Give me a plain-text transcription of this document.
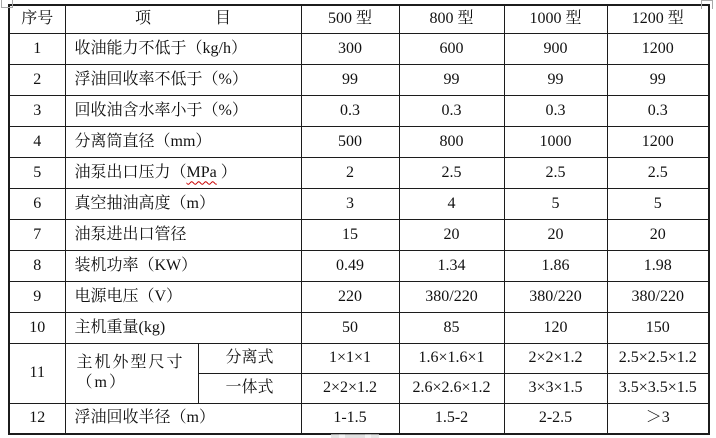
序号	项　　　　目		500 型	800 型	1000 型	1200 型
1	收油能力不低于（kg/h）		300	600	900	1200
2	浮油回收率不低于（%）		99	99	99	99
3	回收油含水率小于（%）		0.3	0.3	0.3	0.3
4	分离筒直径（mm）		500	800	1000	1200
5	油泵出口压力（MPa ）		2	2.5	2.5	2.5
6	真空抽油高度（m）		3	4	5	5
7	油泵进出口管径		15	20	20	20
8	装机功率（KW）		0.49	1.34	1.86	1.98
9	电源电压（V）		220	380/220	380/220	380/220
10	主机重量(kg)		50	85	120	150
11	主机外型尺寸（m）	分离式	1×1×1	1.6×1.6×1	2×2×1.2	2.5×2.5×1.2
		一体式	2×2×1.2	2.6×2.6×1.2	3×3×1.5	3.5×3.5×1.5
12	浮油回收半径（m）		1-1.5	1.5-2	2-2.5	＞3
